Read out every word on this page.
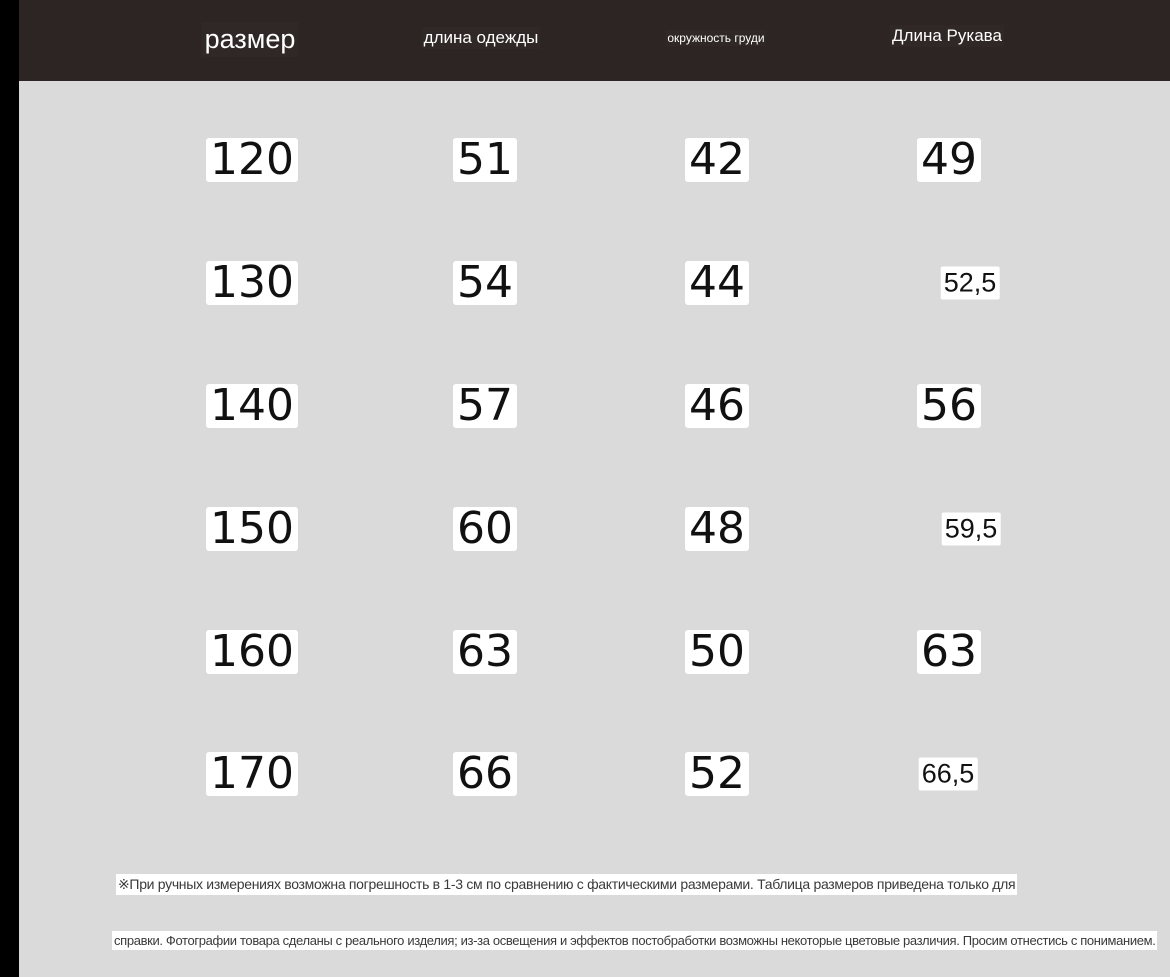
размер	длина одежды	окружность груди	Длина Рукава
※При ручных измерениях возможна погрешность в 1-3 см по сравнению с фактическими размерами. Таблица размеров приведена только для
справки. Фотографии товара сделаны с реального изделия; из-за освещения и эффектов постобработки возможны некоторые цветовые различия. Просим отнестись с пониманием.
120	51	42	49
130	54	44	52,5
140	57	46	56
150	60	48	59,5
160	63	50	63
170	66	52	66,5
